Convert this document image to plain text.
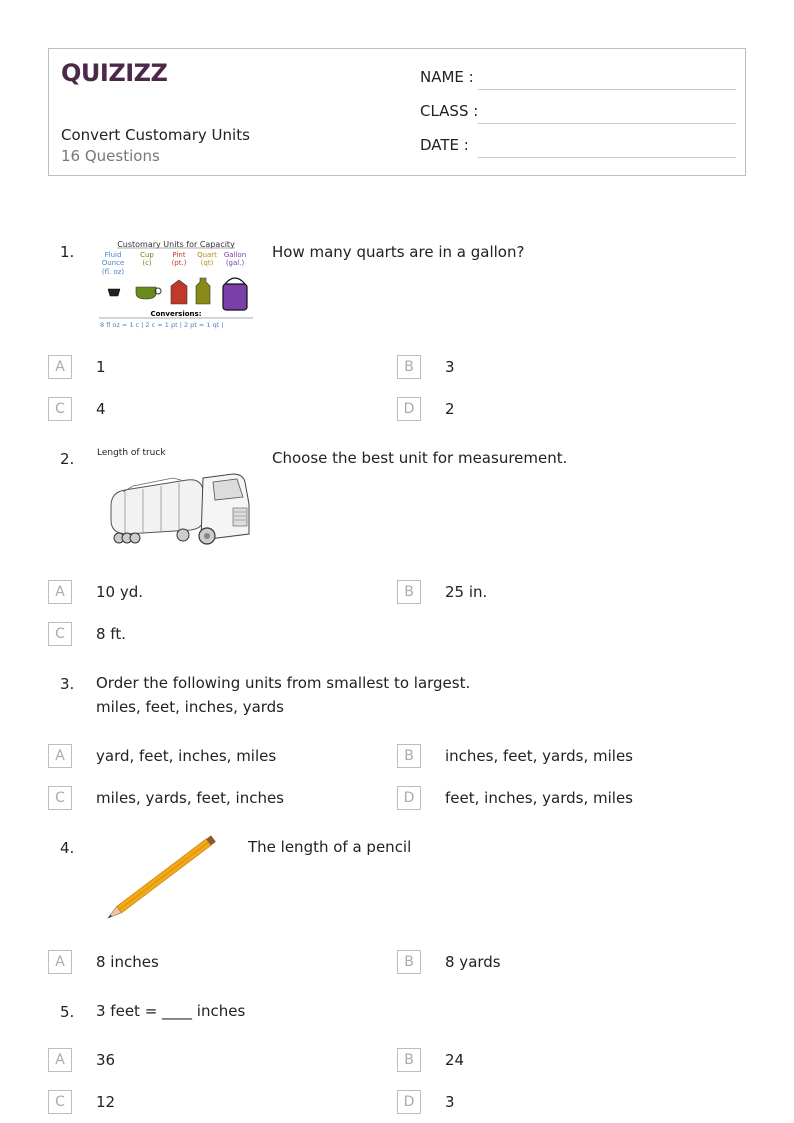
QUIZIZZ
Convert Customary Units
16 Questions
NAME :
CLASS :
DATE :
1.	Customary Units for Capacity
Fluid
Ounce
(fl. oz)
Cup
(c)
Pint
(pt.)
Quart
(qt)
Gallon
(gal.)
Conversions:
8 fl oz = 1 c | 2 c = 1 pt | 2 pt = 1 qt |
How many quarts are in a gallon?
A	1	B	3
C	4	D	2
2.	Length of truck	Choose the best unit for measurement.
A	10 yd.	B	25 in.
C	8 ft.
3. Order the following units from smallest to largest.
miles, feet, inches, yards
A	yard, feet, inches, miles	B	inches, feet, yards, miles
C	miles, yards, feet, inches	D	feet, inches, yards, miles
4.	The length of a pencil
A	8 inches	B	8 yards
5. 3 feet = ____ inches
A	36	B	24
C	12	D	3
